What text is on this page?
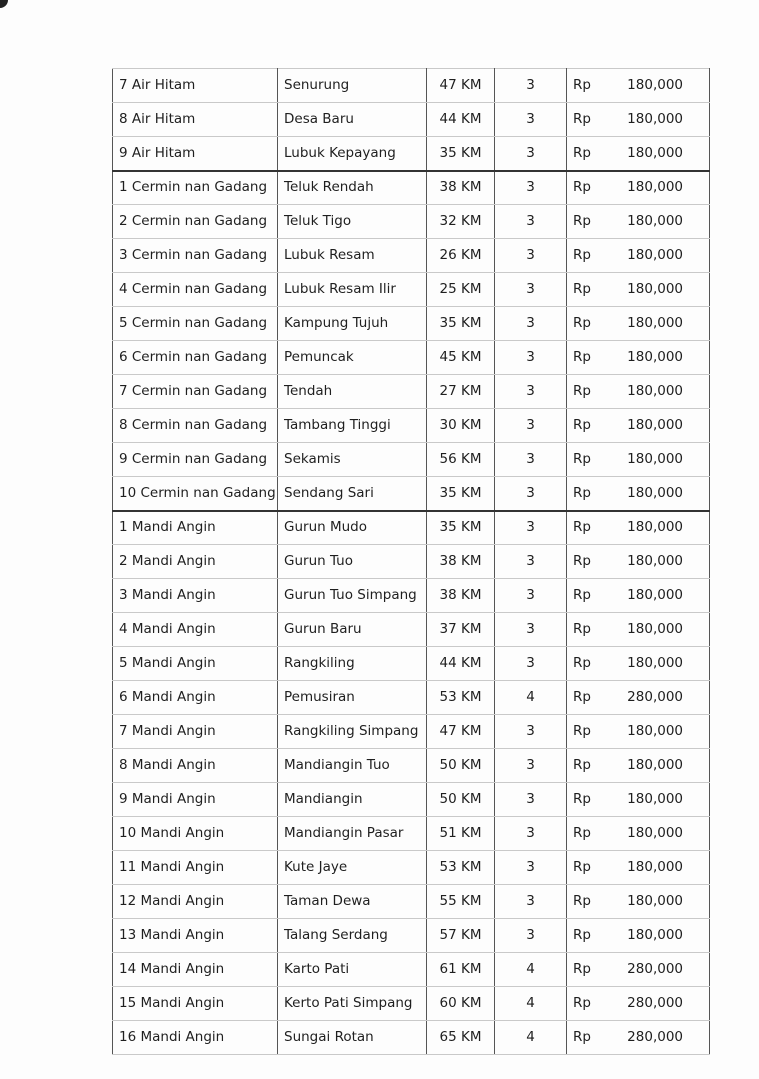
7 Air Hitam	Senurung	47 KM	3	Rp	180,000
8 Air Hitam	Desa Baru	44 KM	3	Rp	180,000
9 Air Hitam	Lubuk Kepayang	35 KM	3	Rp	180,000
1 Cermin nan Gadang	Teluk Rendah	38 KM	3	Rp	180,000
2 Cermin nan Gadang	Teluk Tigo	32 KM	3	Rp	180,000
3 Cermin nan Gadang	Lubuk Resam	26 KM	3	Rp	180,000
4 Cermin nan Gadang	Lubuk Resam Ilir	25 KM	3	Rp	180,000
5 Cermin nan Gadang	Kampung Tujuh	35 KM	3	Rp	180,000
6 Cermin nan Gadang	Pemuncak	45 KM	3	Rp	180,000
7 Cermin nan Gadang	Tendah	27 KM	3	Rp	180,000
8 Cermin nan Gadang	Tambang Tinggi	30 KM	3	Rp	180,000
9 Cermin nan Gadang	Sekamis	56 KM	3	Rp	180,000
10 Cermin nan Gadang	Sendang Sari	35 KM	3	Rp	180,000
1 Mandi Angin	Gurun Mudo	35 KM	3	Rp	180,000
2 Mandi Angin	Gurun Tuo	38 KM	3	Rp	180,000
3 Mandi Angin	Gurun Tuo Simpang	38 KM	3	Rp	180,000
4 Mandi Angin	Gurun Baru	37 KM	3	Rp	180,000
5 Mandi Angin	Rangkiling	44 KM	3	Rp	180,000
6 Mandi Angin	Pemusiran	53 KM	4	Rp	280,000
7 Mandi Angin	Rangkiling Simpang	47 KM	3	Rp	180,000
8 Mandi Angin	Mandiangin Tuo	50 KM	3	Rp	180,000
9 Mandi Angin	Mandiangin	50 KM	3	Rp	180,000
10 Mandi Angin	Mandiangin Pasar	51 KM	3	Rp	180,000
11 Mandi Angin	Kute Jaye	53 KM	3	Rp	180,000
12 Mandi Angin	Taman Dewa	55 KM	3	Rp	180,000
13 Mandi Angin	Talang Serdang	57 KM	3	Rp	180,000
14 Mandi Angin	Karto Pati	61 KM	4	Rp	280,000
15 Mandi Angin	Kerto Pati Simpang	60 KM	4	Rp	280,000
16 Mandi Angin	Sungai Rotan	65 KM	4	Rp	280,000
